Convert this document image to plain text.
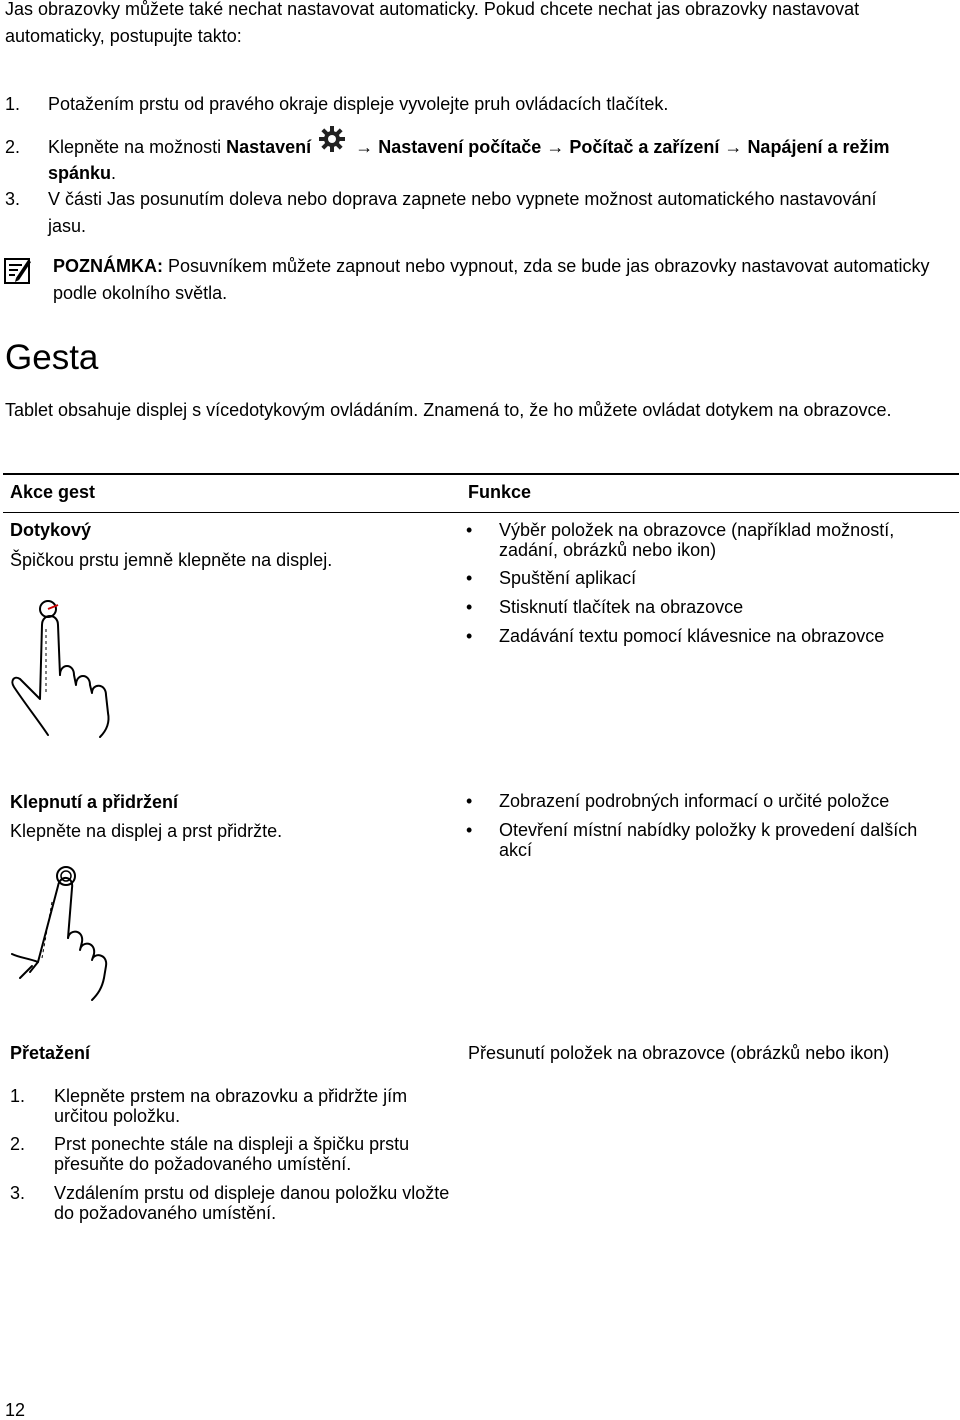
Jas obrazovky můžete také nechat nastavovat automaticky. Pokud chcete nechat jas obrazovky nastavovat automaticky, postupujte takto:
1. Potažením prstu od pravého okraje displeje vyvolejte pruh ovládacích tlačítek.
2. Klepněte na možnosti Nastavení → Nastavení počítače → Počítač a zařízení → Napájení a režim spánku.
3. V části Jas posunutím doleva nebo doprava zapnete nebo vypnete možnost automatického nastavování jasu.
POZNÁMKA: Posuvníkem můžete zapnout nebo vypnout, zda se bude jas obrazovky nastavovat automaticky podle okolního světla.
Gesta
Tablet obsahuje displej s vícedotykovým ovládáním. Znamená to, že ho můžete ovládat dotykem na obrazovce.
Akce gest	Funkce
Dotykový
Špičkou prstu jemně klepněte na displej.
• Výběr položek na obrazovce (například možností, zadání, obrázků nebo ikon)
• Spuštění aplikací
• Stisknutí tlačítek na obrazovce
• Zadávání textu pomocí klávesnice na obrazovce
Klepnutí a přidržení
Klepněte na displej a prst přidržte.
• Zobrazení podrobných informací o určité položce
• Otevření místní nabídky položky k provedení dalších akcí
Přetažení	Přesunutí položek na obrazovce (obrázků nebo ikon)
1. Klepněte prstem na obrazovku a přidržte jím určitou položku.
2. Prst ponechte stále na displeji a špičku prstu přesuňte do požadovaného umístění.
3. Vzdálením prstu od displeje danou položku vložte do požadovaného umístění.
12
